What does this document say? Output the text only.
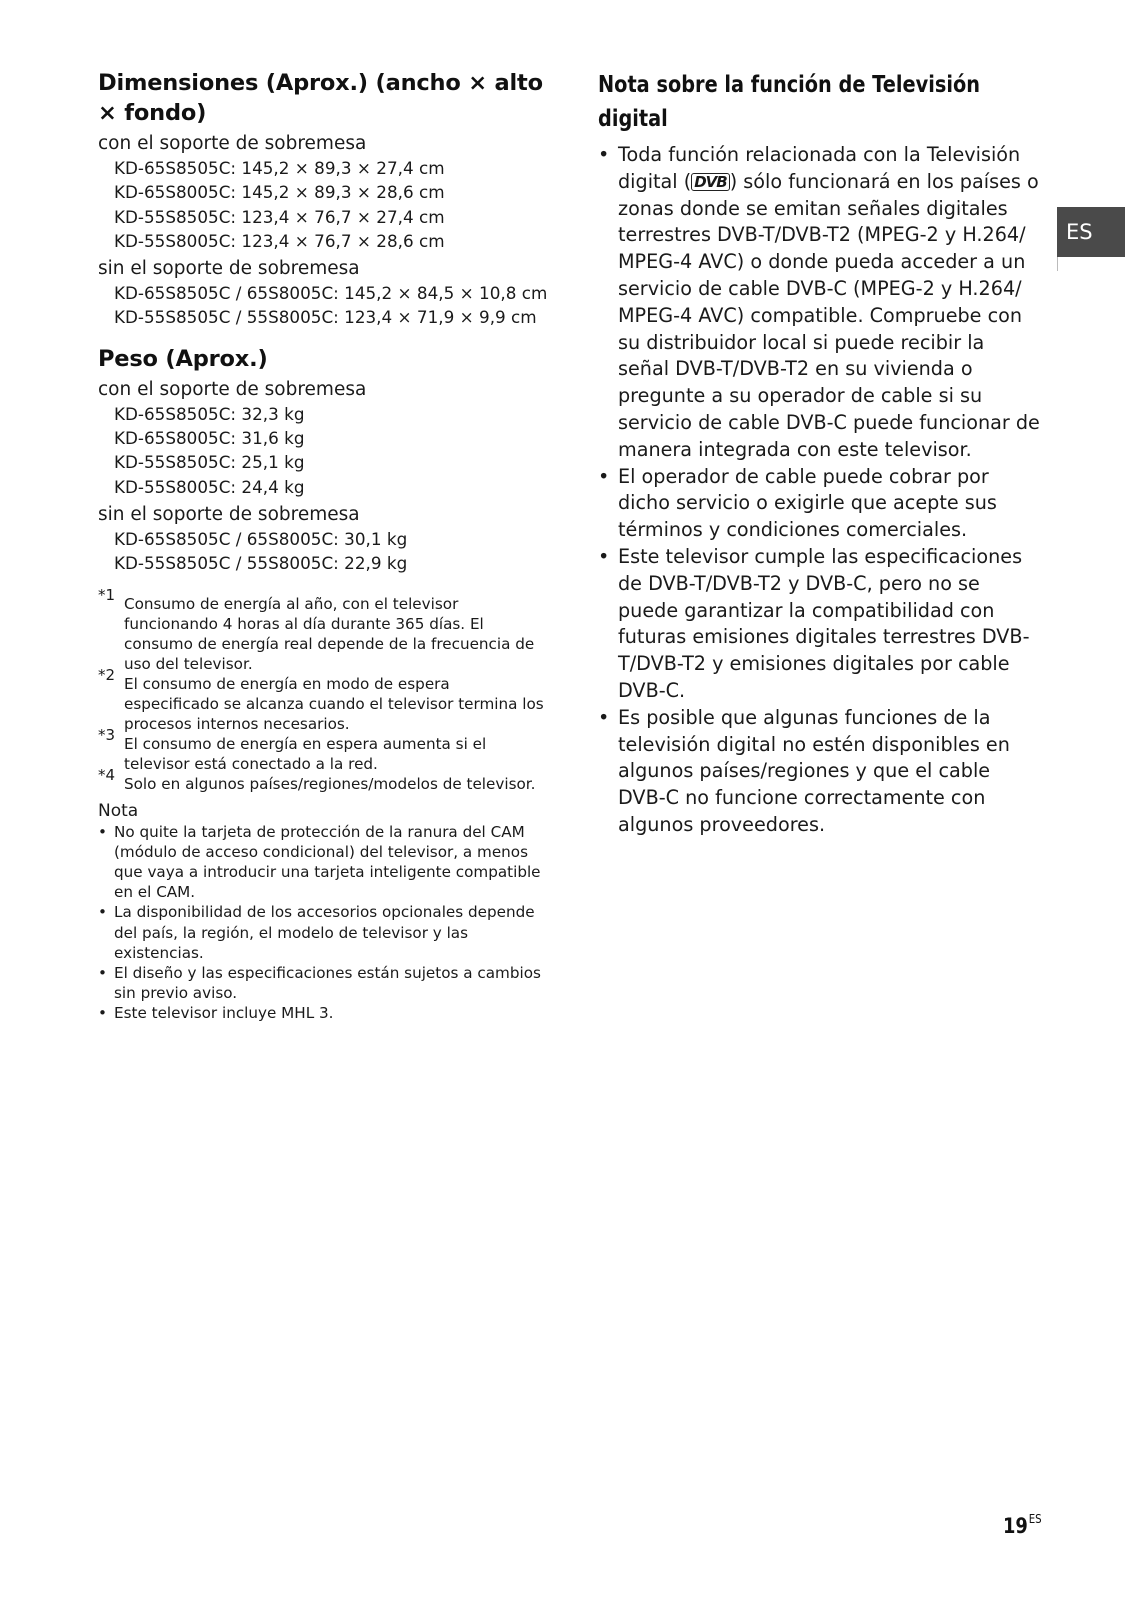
Dimensiones (Aprox.) (ancho × alto × fondo)
con el soporte de sobremesa
KD-65S8505C: 145,2 × 89,3 × 27,4 cm
KD-65S8005C: 145,2 × 89,3 × 28,6 cm
KD-55S8505C: 123,4 × 76,7 × 27,4 cm
KD-55S8005C: 123,4 × 76,7 × 28,6 cm
sin el soporte de sobremesa
KD-65S8505C / 65S8005C: 145,2 × 84,5 × 10,8 cm
KD-55S8505C / 55S8005C: 123,4 × 71,9 × 9,9 cm
Peso (Aprox.)
con el soporte de sobremesa
KD-65S8505C: 32,3 kg
KD-65S8005C: 31,6 kg
KD-55S8505C: 25,1 kg
KD-55S8005C: 24,4 kg
sin el soporte de sobremesa
KD-65S8505C / 65S8005C: 30,1 kg
KD-55S8505C / 55S8005C: 22,9 kg
*1 Consumo de energía al año, con el televisor funcionando 4 horas al día durante 365 días. El consumo de energía real depende de la frecuencia de uso del televisor.
*2 El consumo de energía en modo de espera especificado se alcanza cuando el televisor termina los procesos internos necesarios.
*3 El consumo de energía en espera aumenta si el televisor está conectado a la red.
*4 Solo en algunos países/regiones/modelos de televisor.
Nota
• No quite la tarjeta de protección de la ranura del CAM (módulo de acceso condicional) del televisor, a menos que vaya a introducir una tarjeta inteligente compatible en el CAM.
• La disponibilidad de los accesorios opcionales depende del país, la región, el modelo de televisor y las existencias.
• El diseño y las especificaciones están sujetos a cambios sin previo aviso.
• Este televisor incluye MHL 3.
Nota sobre la función de Televisión digital
• Toda función relacionada con la Televisión digital ( DVB ) sólo funcionará en los países o zonas donde se emitan señales digitales terrestres DVB-T/DVB-T2 (MPEG-2 y H.264/ MPEG-4 AVC) o donde pueda acceder a un servicio de cable DVB-C (MPEG-2 y H.264/ MPEG-4 AVC) compatible. Compruebe con su distribuidor local si puede recibir la señal DVB-T/DVB-T2 en su vivienda o pregunte a su operador de cable si su servicio de cable DVB-C puede funcionar de manera integrada con este televisor.
• El operador de cable puede cobrar por dicho servicio o exigirle que acepte sus términos y condiciones comerciales.
• Este televisor cumple las especificaciones de DVB-T/DVB-T2 y DVB-C, pero no se puede garantizar la compatibilidad con futuras emisiones digitales terrestres DVB-T/DVB-T2 y emisiones digitales por cable DVB-C.
• Es posible que algunas funciones de la televisión digital no estén disponibles en algunos países/regiones y que el cable DVB-C no funcione correctamente con algunos proveedores.
ES
$19^{ES}$
